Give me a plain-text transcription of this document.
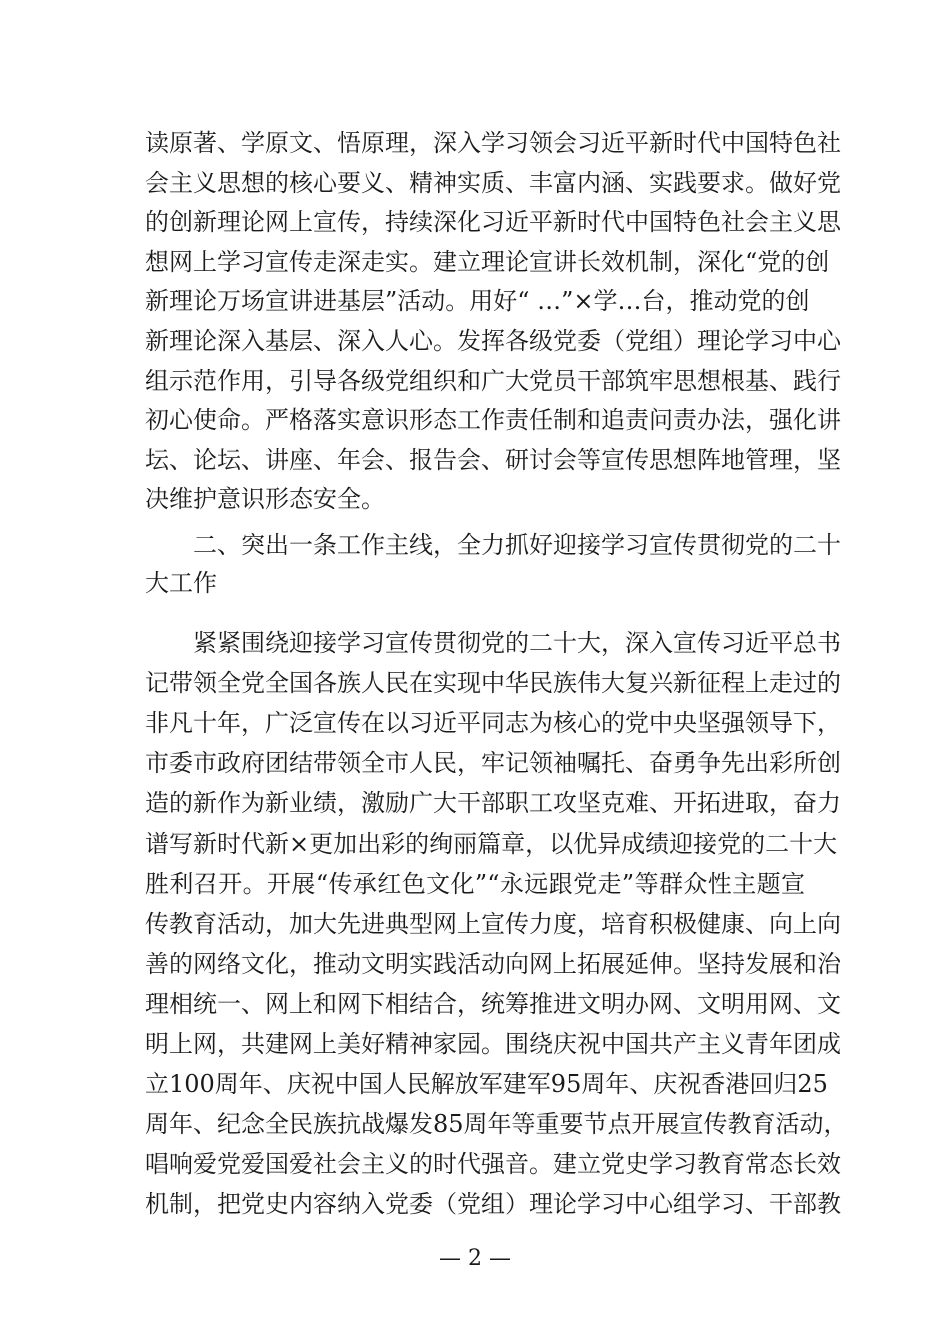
读原著、学原文、悟原理，深入学习领会习近平新时代中国特色社
会主义思想的核心要义、精神实质、丰富内涵、实践要求。做好党
的创新理论网上宣传，持续深化习近平新时代中国特色社会主义思
想网上学习宣传走深走实。建立理论宣讲长效机制，深化“党的创
新理论万场宣讲进基层”活动。用好“ …”×学…台，推动党的创
新理论深入基层、深入人心。发挥各级党委（党组）理论学习中心
组示范作用，引导各级党组织和广大党员干部筑牢思想根基、践行
初心使命。严格落实意识形态工作责任制和追责问责办法，强化讲
坛、论坛、讲座、年会、报告会、研讨会等宣传思想阵地管理，坚
决维护意识形态安全。
二、突出一条工作主线，全力抓好迎接学习宣传贯彻党的二十
大工作
紧紧围绕迎接学习宣传贯彻党的二十大，深入宣传习近平总书
记带领全党全国各族人民在实现中华民族伟大复兴新征程上走过的
非凡十年，广泛宣传在以习近平同志为核心的党中央坚强领导下，
市委市政府团结带领全市人民，牢记领袖嘱托、奋勇争先出彩所创
造的新作为新业绩，激励广大干部职工攻坚克难、开拓进取，奋力
谱写新时代新×更加出彩的绚丽篇章，以优异成绩迎接党的二十大
胜利召开。开展“传承红色文化”“永远跟党走”等群众性主题宣
传教育活动，加大先进典型网上宣传力度，培育积极健康、向上向
善的网络文化，推动文明实践活动向网上拓展延伸。坚持发展和治
理相统一、网上和网下相结合，统筹推进文明办网、文明用网、文
明上网，共建网上美好精神家园。围绕庆祝中国共产主义青年团成
立100周年、庆祝中国人民解放军建军95周年、庆祝香港回归25
周年、纪念全民族抗战爆发85周年等重要节点开展宣传教育活动，
唱响爱党爱国爱社会主义的时代强音。建立党史学习教育常态长效
机制，把党史内容纳入党委（党组）理论学习中心组学习、干部教
— 2 —
